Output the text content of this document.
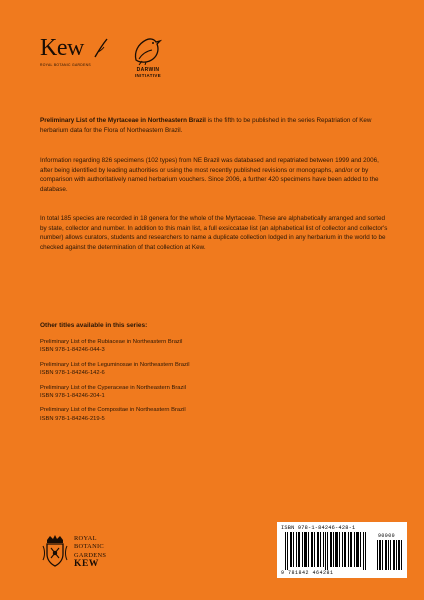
Kew
ROYAL BOTANIC GARDENS
DARWIN
INITIATIVE

Preliminary List of the Myrtaceae in Northeastern Brazil is the fifth to be published in the series Repatriation of Kew herbarium data for the Flora of Northeastern Brazil.

Information regarding 826 specimens (102 types) from NE Brazil was databased and repatriated between 1999 and 2006, after being identified by leading authorities or using the most recently published revisions or monographs, and/or or by comparison with authoritatively named herbarium vouchers. Since 2006, a further 420 specimens have been added to the database.

In total 185 species are recorded in 18 genera for the whole of the Myrtaceae. These are alphabetically arranged and sorted by state, collector and number. In addition to this main list, a full exsiccatae list (an alphabetical list of collector and collector's number) allows curators, students and researchers to name a duplicate collection lodged in any herbarium in the world to be checked against the determination of that collection at Kew.

Other titles available in this series:
Preliminary List of the Rubiaceae in Northeastern Brazil
ISBN 978-1-84246-044-3
Preliminary List of the Leguminosae in Northeastern Brazil
ISBN 978-1-84246-142-6
Preliminary List of the Cyperaceae in Northeastern Brazil
ISBN 978-1-84246-204-1
Preliminary List of the Compositae in Northeastern Brazil
ISBN 978-1-84246-219-5
ROYAL
BOTANIC
GARDENS
KEW
ISBN 978-1-84246-428-1
90000
9 781842 464281
